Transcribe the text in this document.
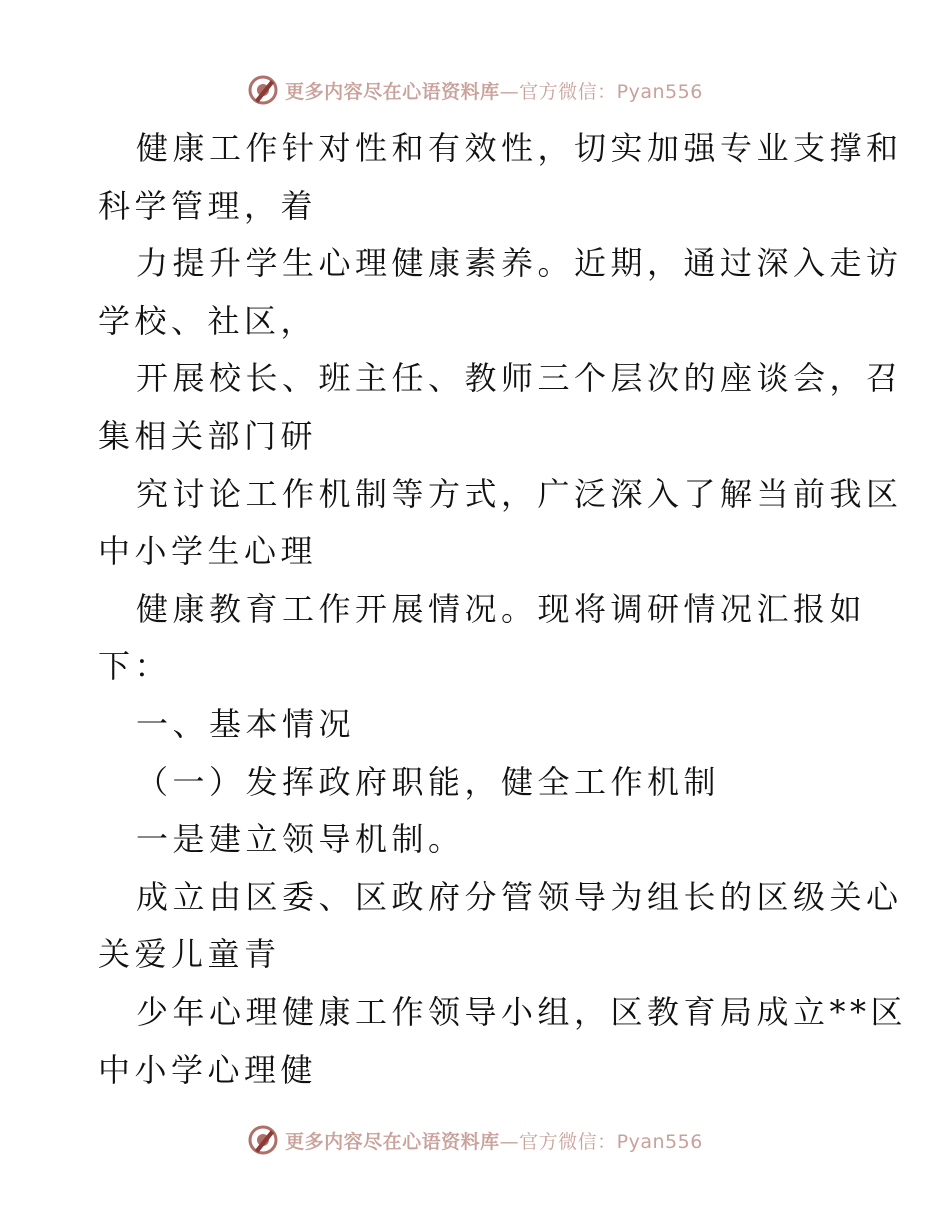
更多内容尽在心语资料库—官方微信：Pyan556
健康工作针对性和有效性，切实加强专业支撑和
科学管理，着
力提升学生心理健康素养。近期，通过深入走访
学校、社区，
开展校长、班主任、教师三个层次的座谈会，召
集相关部门研
究讨论工作机制等方式，广泛深入了解当前我区
中小学生心理
健康教育工作开展情况。现将调研情况汇报如
下：
一、基本情况
（一）发挥政府职能，健全工作机制
一是建立领导机制。
成立由区委、区政府分管领导为组长的区级关心
关爱儿童青
少年心理健康工作领导小组，区教育局成立**区
中小学心理健
更多内容尽在心语资料库—官方微信：Pyan556
